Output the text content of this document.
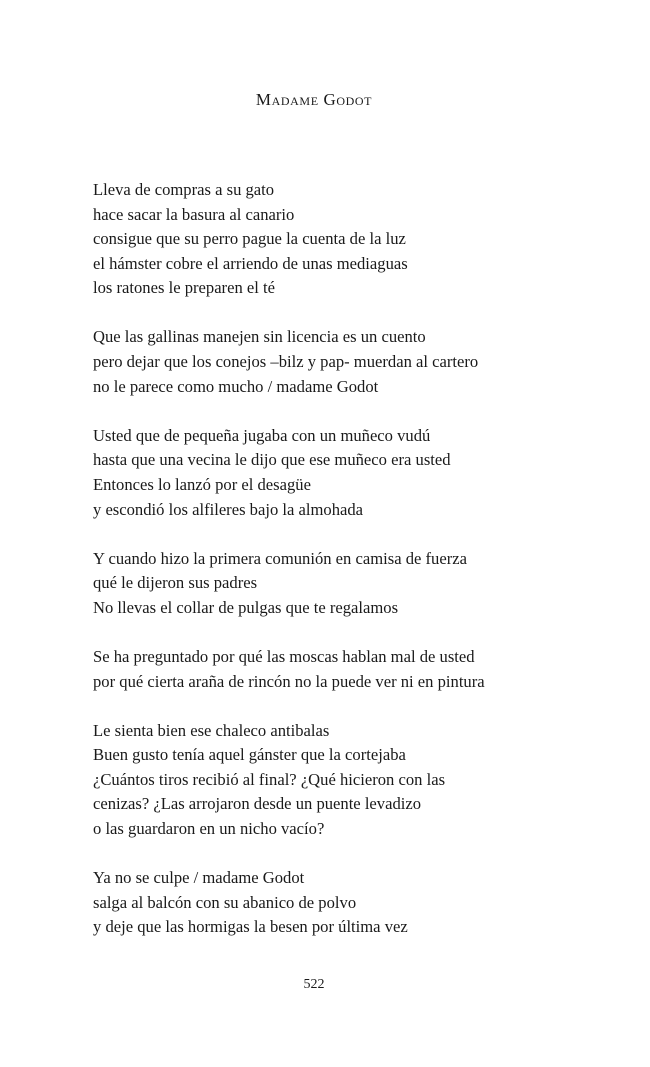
Madame Godot
Lleva de compras a su gato
hace sacar la basura al canario
consigue que su perro pague la cuenta de la luz
el hámster cobre el arriendo de unas mediaguas
los ratones le preparen el té
Que las gallinas manejen sin licencia es un cuento
pero dejar que los conejos –bilz y pap- muerdan al cartero
no le parece como mucho / madame Godot
Usted que de pequeña jugaba con un muñeco vudú
hasta que una vecina le dijo que ese muñeco era usted
Entonces lo lanzó por el desagüe
y escondió los alfileres bajo la almohada
Y cuando hizo la primera comunión en camisa de fuerza
qué le dijeron sus padres
No llevas el collar de pulgas que te regalamos
Se ha preguntado por qué las moscas hablan mal de usted
por qué cierta araña de rincón no la puede ver ni en pintura
Le sienta bien ese chaleco antibalas
Buen gusto tenía aquel gánster que la cortejaba
¿Cuántos tiros recibió al final? ¿Qué hicieron con las
cenizas? ¿Las arrojaron desde un puente levadizo
o las guardaron en un nicho vacío?
Ya no se culpe / madame Godot
salga al balcón con su abanico de polvo
y deje que las hormigas la besen por última vez
522
